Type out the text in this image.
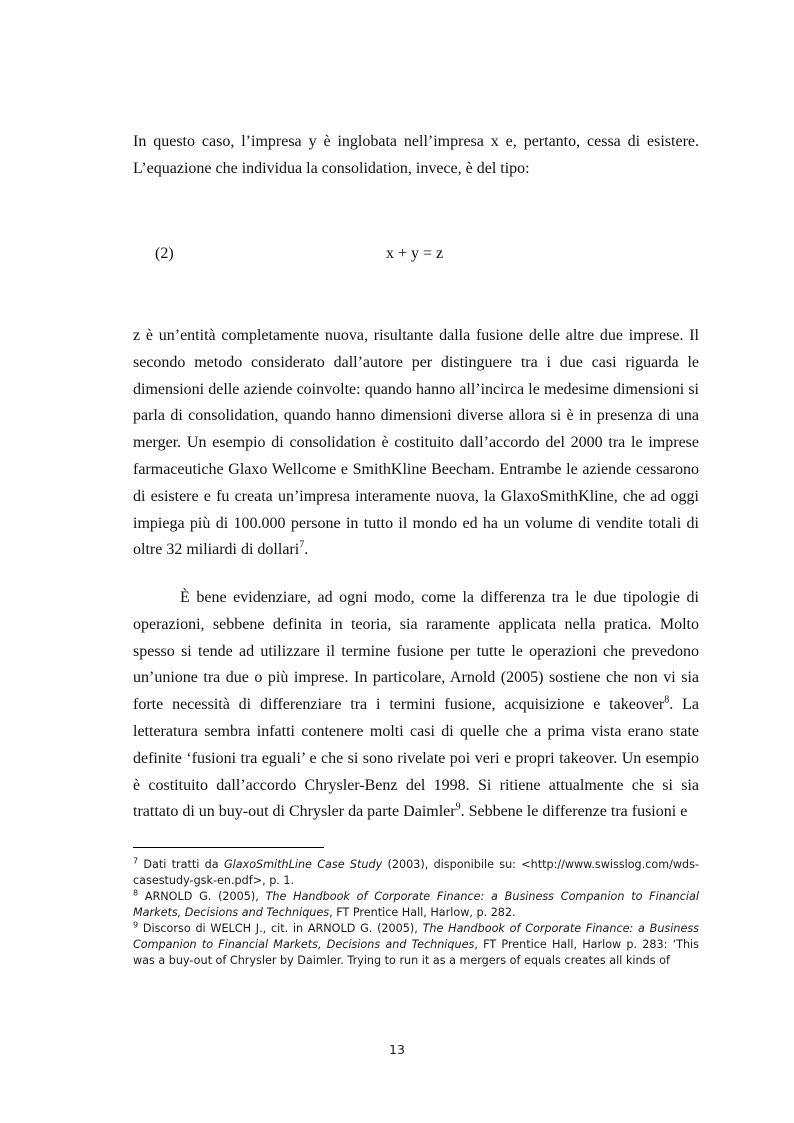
In questo caso, l’impresa y è inglobata nell’impresa x e, pertanto, cessa di esistere. L’equazione che individua la consolidation, invece, è del tipo:

(2)	x + y = z

z è un’entità completamente nuova, risultante dalla fusione delle altre due imprese. Il secondo metodo considerato dall’autore per distinguere tra i due casi riguarda le dimensioni delle aziende coinvolte: quando hanno all’incirca le medesime dimensioni si parla di consolidation, quando hanno dimensioni diverse allora si è in presenza di una merger. Un esempio di consolidation è costituito dall’accordo del 2000 tra le imprese farmaceutiche Glaxo Wellcome e SmithKline Beecham. Entrambe le aziende cessarono di esistere e fu creata un’impresa interamente nuova, la GlaxoSmithKline, che ad oggi impiega più di 100.000 persone in tutto il mondo ed ha un volume di vendite totali di oltre 32 miliardi di dollari$^7$.

È bene evidenziare, ad ogni modo, come la differenza tra le due tipologie di operazioni, sebbene definita in teoria, sia raramente applicata nella pratica. Molto spesso si tende ad utilizzare il termine fusione per tutte le operazioni che prevedono un’unione tra due o più imprese. In particolare, Arnold (2005) sostiene che non vi sia forte necessità di differenziare tra i termini fusione, acquisizione e takeover$^8$. La letteratura sembra infatti contenere molti casi di quelle che a prima vista erano state definite ‘fusioni tra eguali’ e che si sono rivelate poi veri e propri takeover. Un esempio è costituito dall’accordo Chrysler-Benz del 1998. Si ritiene attualmente che si sia trattato di un buy-out di Chrysler da parte Daimler$^9$. Sebbene le differenze tra fusioni e

$^7$ Dati tratti da GlaxoSmithLine Case Study (2003), disponibile su: <http://www.swisslog.com/wds-casestudy-gsk-en.pdf>, p. 1.

$^8$ ARNOLD G. (2005), The Handbook of Corporate Finance: a Business Companion to Financial Markets, Decisions and Techniques, FT Prentice Hall, Harlow, p. 282.

$^9$ Discorso di WELCH J., cit. in ARNOLD G. (2005), The Handbook of Corporate Finance: a Business Companion to Financial Markets, Decisions and Techniques, FT Prentice Hall, Harlow p. 283: ‘This was a buy-out of Chrysler by Daimler. Trying to run it as a mergers of equals creates all kinds of

13
